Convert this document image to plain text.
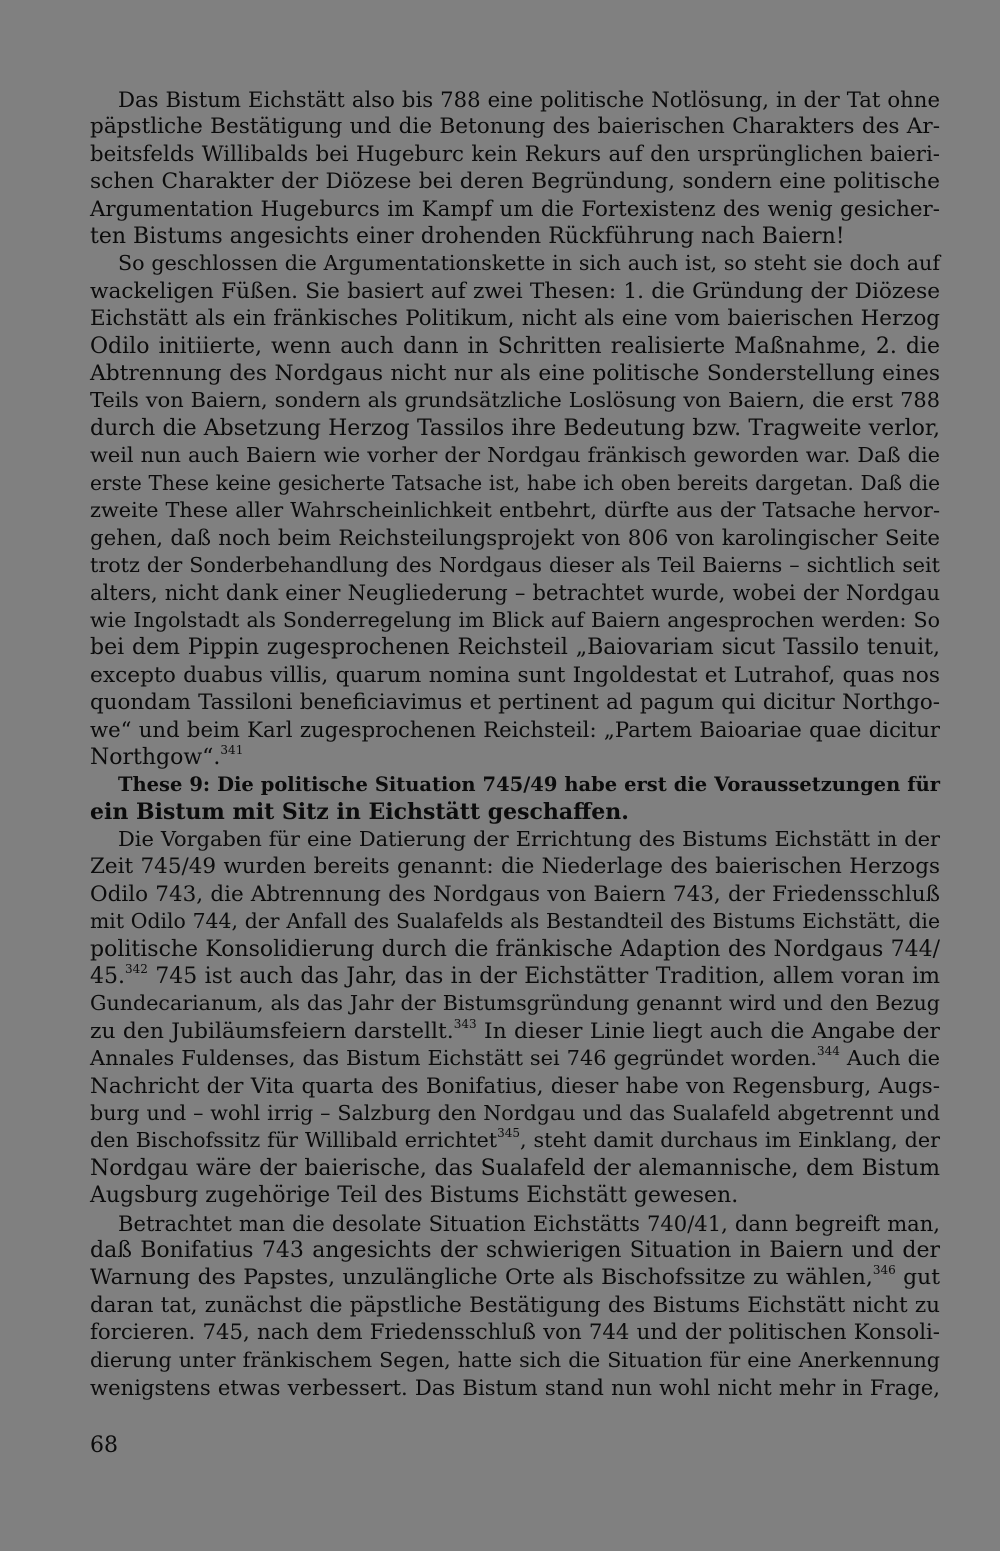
Das Bistum Eichstätt also bis 788 eine politische Notlösung, in der Tat ohne
päpstliche Bestätigung und die Betonung des baierischen Charakters des Ar-
beitsfelds Willibalds bei Hugeburc kein Rekurs auf den ursprünglichen baieri-
schen Charakter der Diözese bei deren Begründung, sondern eine politische
Argumentation Hugeburcs im Kampf um die Fortexistenz des wenig gesicher-
ten Bistums angesichts einer drohenden Rückführung nach Baiern!
So geschlossen die Argumentationskette in sich auch ist, so steht sie doch auf
wackeligen Füßen. Sie basiert auf zwei Thesen: 1. die Gründung der Diözese
Eichstätt als ein fränkisches Politikum, nicht als eine vom baierischen Herzog
Odilo initiierte, wenn auch dann in Schritten realisierte Maßnahme, 2. die
Abtrennung des Nordgaus nicht nur als eine politische Sonderstellung eines
Teils von Baiern, sondern als grundsätzliche Loslösung von Baiern, die erst 788
durch die Absetzung Herzog Tassilos ihre Bedeutung bzw. Tragweite verlor,
weil nun auch Baiern wie vorher der Nordgau fränkisch geworden war. Daß die
erste These keine gesicherte Tatsache ist, habe ich oben bereits dargetan. Daß die
zweite These aller Wahrscheinlichkeit entbehrt, dürfte aus der Tatsache hervor-
gehen, daß noch beim Reichsteilungsprojekt von 806 von karolingischer Seite
trotz der Sonderbehandlung des Nordgaus dieser als Teil Baierns – sichtlich seit
alters, nicht dank einer Neugliederung – betrachtet wurde, wobei der Nordgau
wie Ingolstadt als Sonderregelung im Blick auf Baiern angesprochen werden: So
bei dem Pippin zugesprochenen Reichsteil „Baiovariam sicut Tassilo tenuit,
excepto duabus villis, quarum nomina sunt Ingoldestat et Lutrahof, quas nos
quondam Tassiloni beneficiavimus et pertinent ad pagum qui dicitur Northgo-
we“ und beim Karl zugesprochenen Reichsteil: „Partem Baioariae quae dicitur
Northgow“.$^{341}$
These 9: Die politische Situation 745/49 habe erst die Voraussetzungen für
ein Bistum mit Sitz in Eichstätt geschaffen.
Die Vorgaben für eine Datierung der Errichtung des Bistums Eichstätt in der
Zeit 745/49 wurden bereits genannt: die Niederlage des baierischen Herzogs
Odilo 743, die Abtrennung des Nordgaus von Baiern 743, der Friedensschluß
mit Odilo 744, der Anfall des Sualafelds als Bestandteil des Bistums Eichstätt, die
politische Konsolidierung durch die fränkische Adaption des Nordgaus 744/
45.$^{342}$ 745 ist auch das Jahr, das in der Eichstätter Tradition, allem voran im
Gundecarianum, als das Jahr der Bistumsgründung genannt wird und den Bezug
zu den Jubiläumsfeiern darstellt.$^{343}$ In dieser Linie liegt auch die Angabe der
Annales Fuldenses, das Bistum Eichstätt sei 746 gegründet worden.$^{344}$ Auch die
Nachricht der Vita quarta des Bonifatius, dieser habe von Regensburg, Augs-
burg und – wohl irrig – Salzburg den Nordgau und das Sualafeld abgetrennt und
den Bischofssitz für Willibald errichtet$^{345}$, steht damit durchaus im Einklang, der
Nordgau wäre der baierische, das Sualafeld der alemannische, dem Bistum
Augsburg zugehörige Teil des Bistums Eichstätt gewesen.
Betrachtet man die desolate Situation Eichstätts 740/41, dann begreift man,
daß Bonifatius 743 angesichts der schwierigen Situation in Baiern und der
Warnung des Papstes, unzulängliche Orte als Bischofssitze zu wählen,$^{346}$ gut
daran tat, zunächst die päpstliche Bestätigung des Bistums Eichstätt nicht zu
forcieren. 745, nach dem Friedensschluß von 744 und der politischen Konsoli-
dierung unter fränkischem Segen, hatte sich die Situation für eine Anerkennung
wenigstens etwas verbessert. Das Bistum stand nun wohl nicht mehr in Frage,
68
